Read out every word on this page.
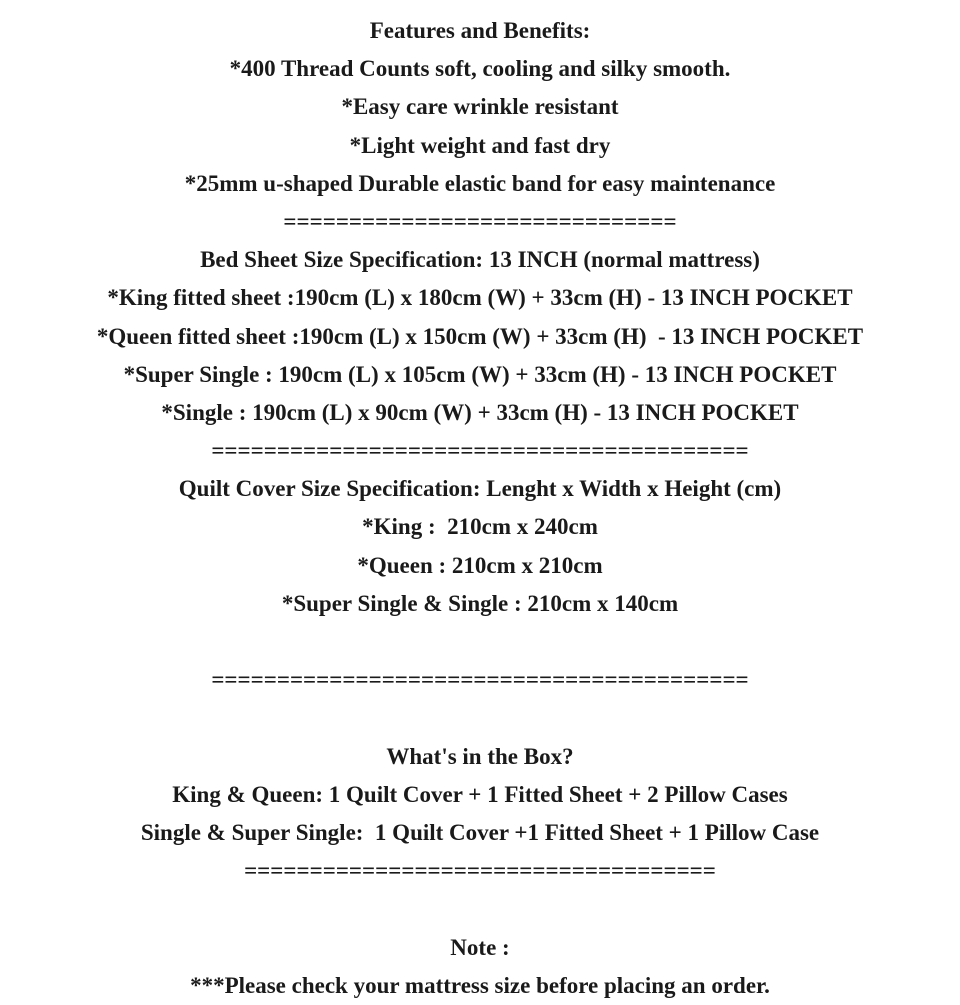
Features and Benefits:
*400 Thread Counts soft, cooling and silky smooth.
*Easy care wrinkle resistant
*Light weight and fast dry
*25mm u-shaped Durable elastic band for easy maintenance
==============================
Bed Sheet Size Specification: 13 INCH (normal mattress)
*King fitted sheet :190cm (L) x 180cm (W) + 33cm (H) - 13 INCH POCKET
*Queen fitted sheet :190cm (L) x 150cm (W) + 33cm (H)  - 13 INCH POCKET
*Super Single : 190cm (L) x 105cm (W) + 33cm (H) - 13 INCH POCKET
*Single : 190cm (L) x 90cm (W) + 33cm (H) - 13 INCH POCKET
=========================================
Quilt Cover Size Specification: Lenght x Width x Height (cm)
*King :  210cm x 240cm
*Queen : 210cm x 210cm
*Super Single & Single : 210cm x 140cm
=========================================
What's in the Box?
King & Queen: 1 Quilt Cover + 1 Fitted Sheet + 2 Pillow Cases
Single & Super Single:  1 Quilt Cover +1 Fitted Sheet + 1 Pillow Case
====================================
Note :
***Please check your mattress size before placing an order.
